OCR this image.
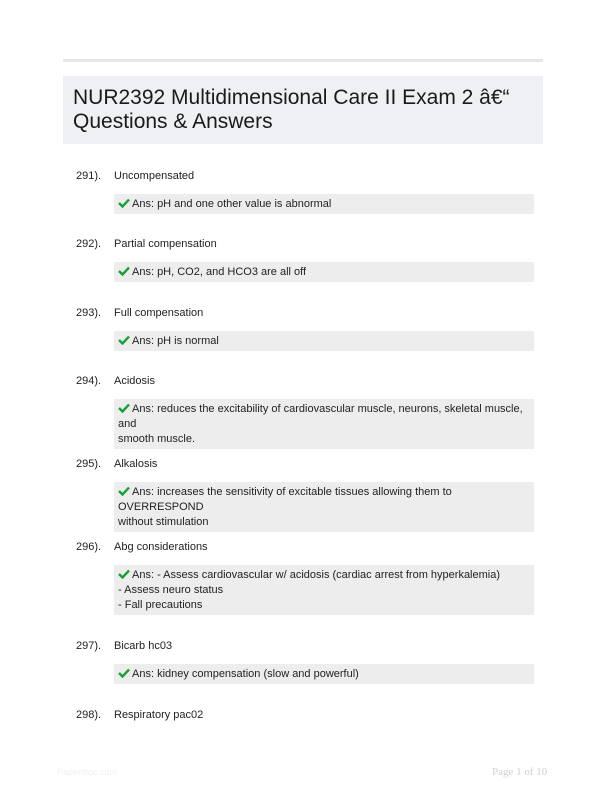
NUR2392 Multidimensional Care II Exam 2 â€“
Questions & Answers
291). Uncompensated
Ans: pH and one other value is abnormal
292). Partial compensation
Ans: pH, CO2, and HCO3 are all off
293). Full compensation
Ans: pH is normal
294). Acidosis
Ans: reduces the excitability of cardiovascular muscle, neurons, skeletal muscle, and
smooth muscle.
295). Alkalosis
Ans: increases the sensitivity of excitable tissues allowing them to OVERRESPOND
without stimulation
296). Abg considerations
Ans: - Assess cardiovascular w/ acidosis (cardiac arrest from hyperkalemia)
- Assess neuro status
- Fall precautions
297). Bicarb hc03
Ans: kidney compensation (slow and powerful)
298). Respiratory pac02
Paperstoc.com	Page 1 of 10
